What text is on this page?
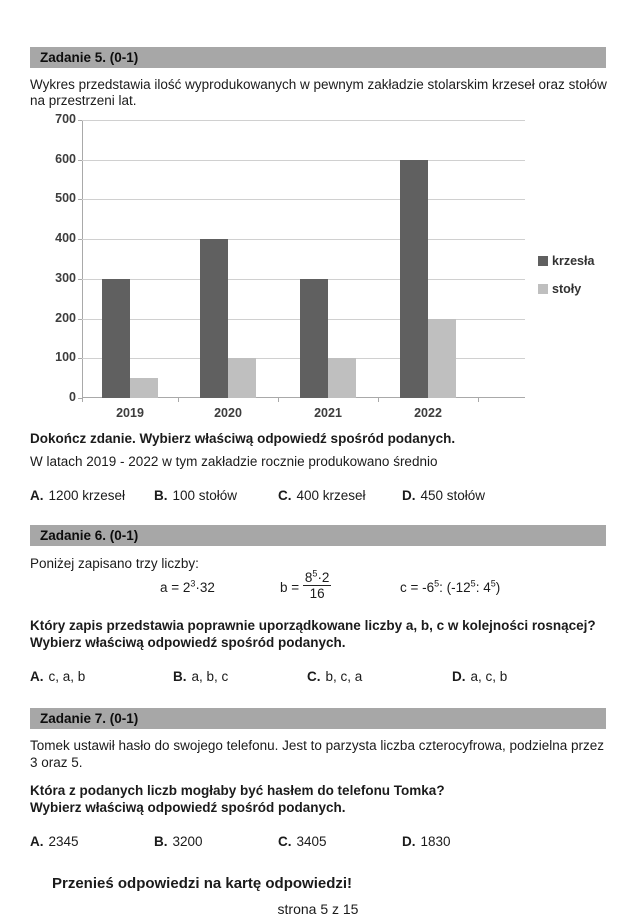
Zadanie 5. (0-1)

Wykres przedstawia ilość wyprodukowanych w pewnym zakładzie stolarskim krzeseł oraz stołów na przestrzeni lat.

0
100
200
300
400
500
600
700
2019	2020	2021	2022
krzesła
stoły

Dokończ zdanie. Wybierz właściwą odpowiedź spośród podanych.

W latach 2019 - 2022 w tym zakładzie rocznie produkowano średnio

A. 1200 krzeseł	B. 100 stołów	C. 400 krzeseł	D. 450 stołów
Zadanie 6. (0-1)

Poniżej zapisano trzy liczby:

$a = 2^3\cdot 32$	$b = \frac{8^5\cdot 2}{16}$	$c = -6^5$: ($-12^5$: $4^5$)

Który zapis przedstawia poprawnie uporządkowane liczby a, b, c w kolejności rosnącej?

Wybierz właściwą odpowiedź spośród podanych.

A. c, a, b	B. a, b, c	C. b, c, a	D. a, c, b
Zadanie 7. (0-1)

Tomek ustawił hasło do swojego telefonu. Jest to parzysta liczba czterocyfrowa, podzielna przez 3 oraz 5.

Która z podanych liczb mogłaby być hasłem do telefonu Tomka?

Wybierz właściwą odpowiedź spośród podanych.

A. 2345	B. 3200	C. 3405	D. 1830

Przenieś odpowiedzi na kartę odpowiedzi!

strona 5 z 15
